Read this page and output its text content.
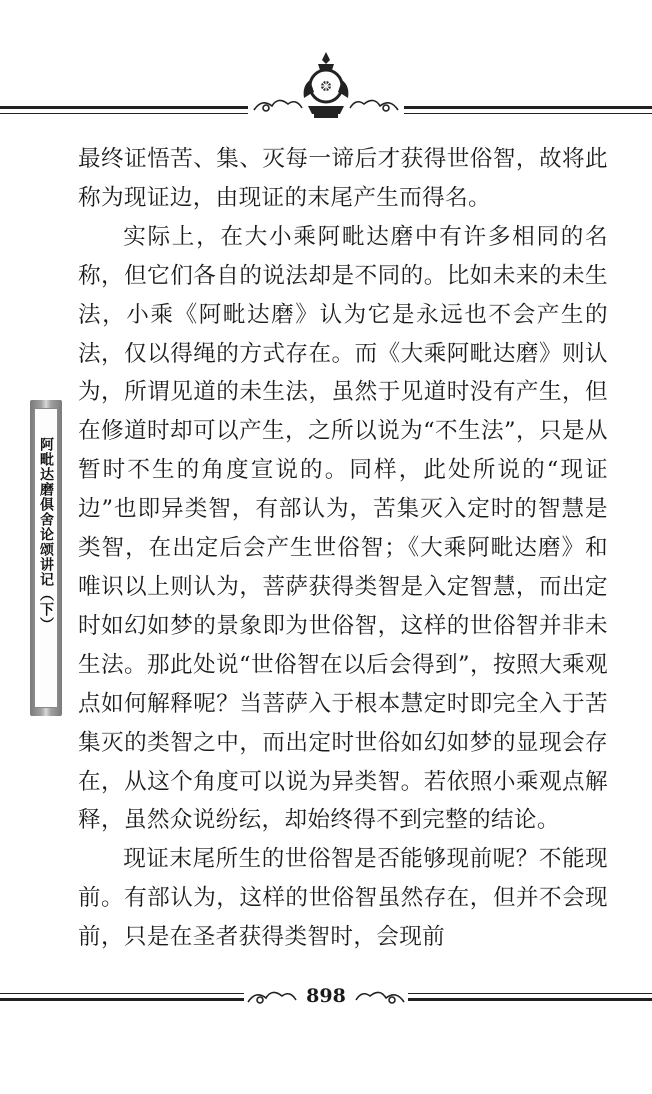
阿毗达磨俱舍论颂讲记（下）

最终证悟苦、集、灭每一谛后才获得世俗智，故将此称为现证边，由现证的末尾产生而得名。

实际上，在大小乘阿毗达磨中有许多相同的名称，但它们各自的说法却是不同的。比如未来的未生法，小乘《阿毗达磨》认为它是永远也不会产生的法，仅以得绳的方式存在。而《大乘阿毗达磨》则认为，所谓见道的未生法，虽然于见道时没有产生，但在修道时却可以产生，之所以说为“不生法”，只是从暂时不生的角度宣说的。同样，此处所说的“现证边”也即异类智，有部认为，苦集灭入定时的智慧是类智，在出定后会产生世俗智；《大乘阿毗达磨》和唯识以上则认为，菩萨获得类智是入定智慧，而出定时如幻如梦的景象即为世俗智，这样的世俗智并非未生法。那此处说“世俗智在以后会得到”，按照大乘观点如何解释呢？当菩萨入于根本慧定时即完全入于苦集灭的类智之中，而出定时世俗如幻如梦的显现会存在，从这个角度可以说为异类智。若依照小乘观点解释，虽然众说纷纭，却始终得不到完整的结论。

现证末尾所生的世俗智是否能够现前呢？不能现前。有部认为，这样的世俗智虽然存在，但并不会现前，只是在圣者获得类智时，会现前

898
